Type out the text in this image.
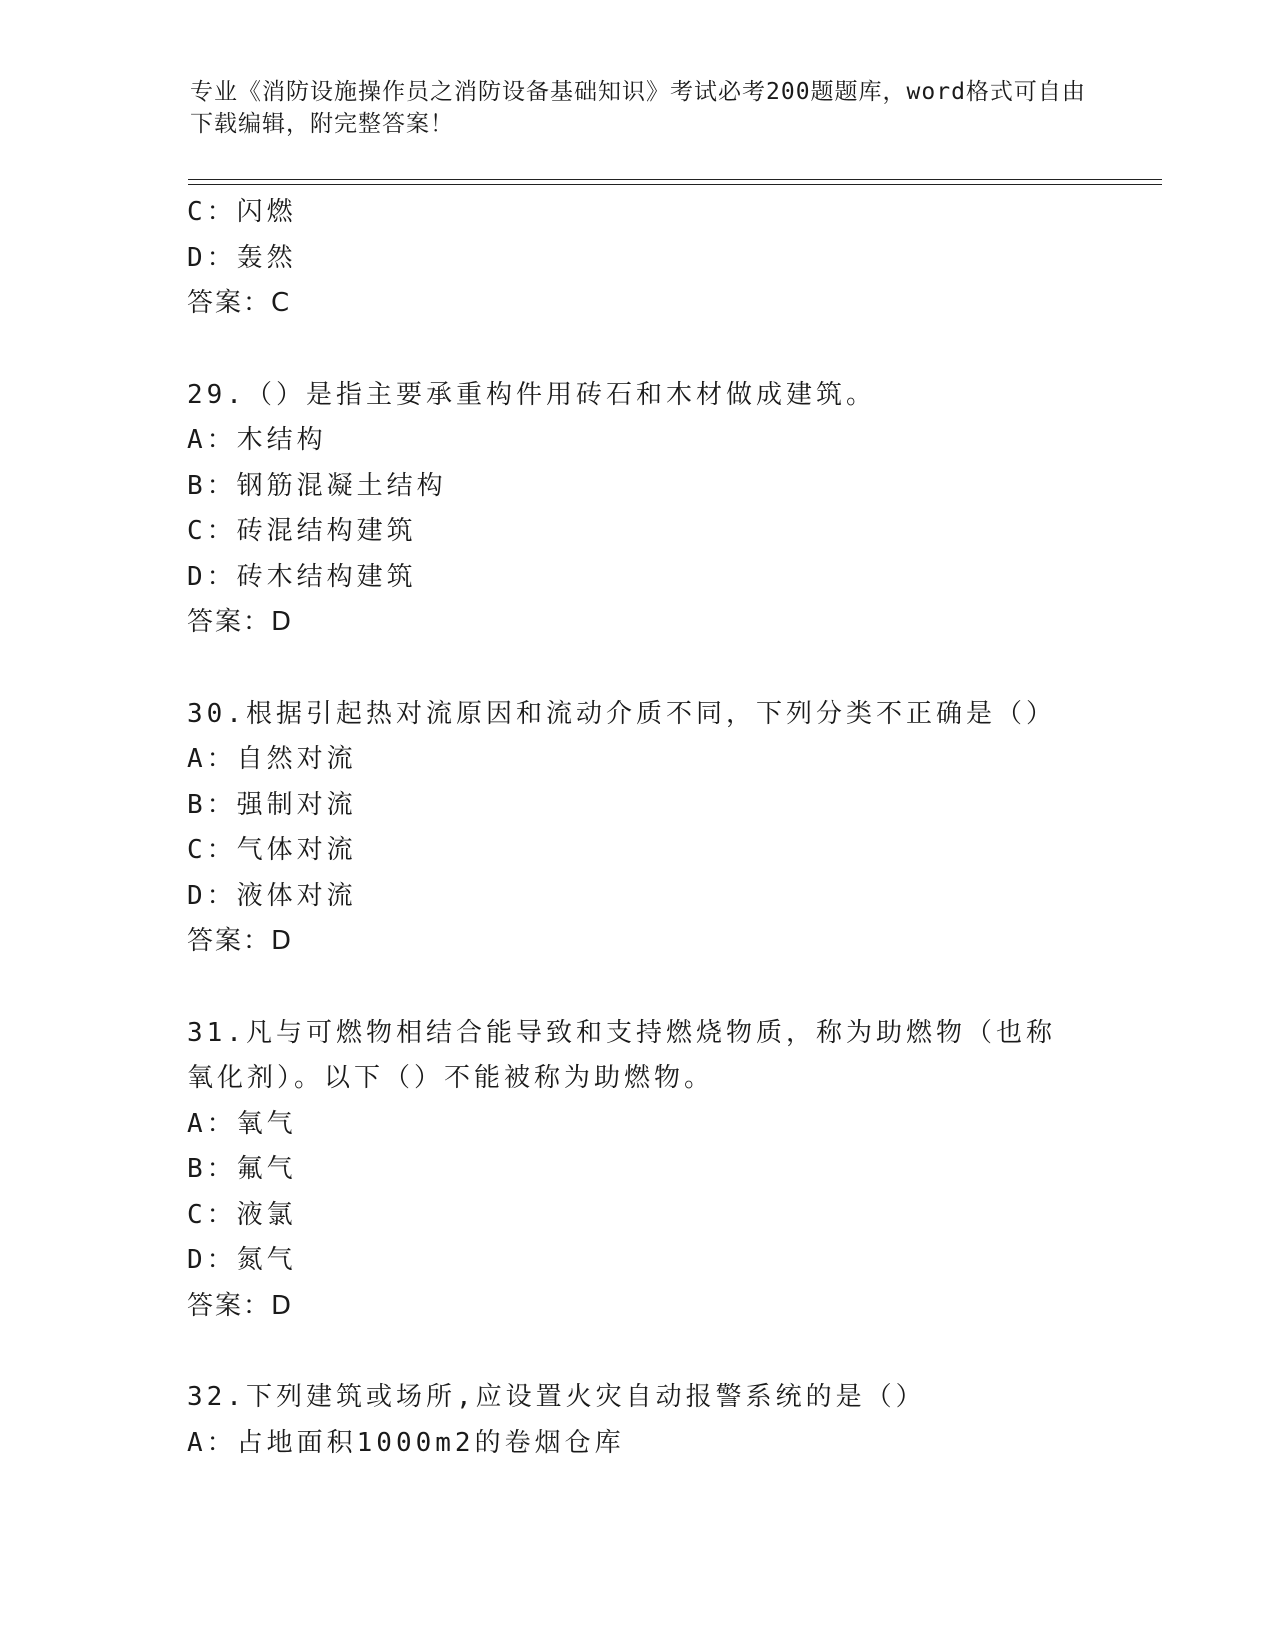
专业《消防设施操作员之消防设备基础知识》考试必考200题题库，word格式可自由下载编辑，附完整答案！

C：闪燃

D：轰然

答案：C

29.（）是指主要承重构件用砖石和木材做成建筑。

A：木结构

B：钢筋混凝土结构

C：砖混结构建筑

D：砖木结构建筑

答案：D

30.根据引起热对流原因和流动介质不同，下列分类不正确是（）

A：自然对流

B：强制对流

C：气体对流

D：液体对流

答案：D

31.凡与可燃物相结合能导致和支持燃烧物质，称为助燃物（也称氧化剂）。以下（）不能被称为助燃物。

A：氧气

B：氟气

C：液氯

D：氮气

答案：D

32.下列建筑或场所,应设置火灾自动报警系统的是（）

A：占地面积1000m2的卷烟仓库
